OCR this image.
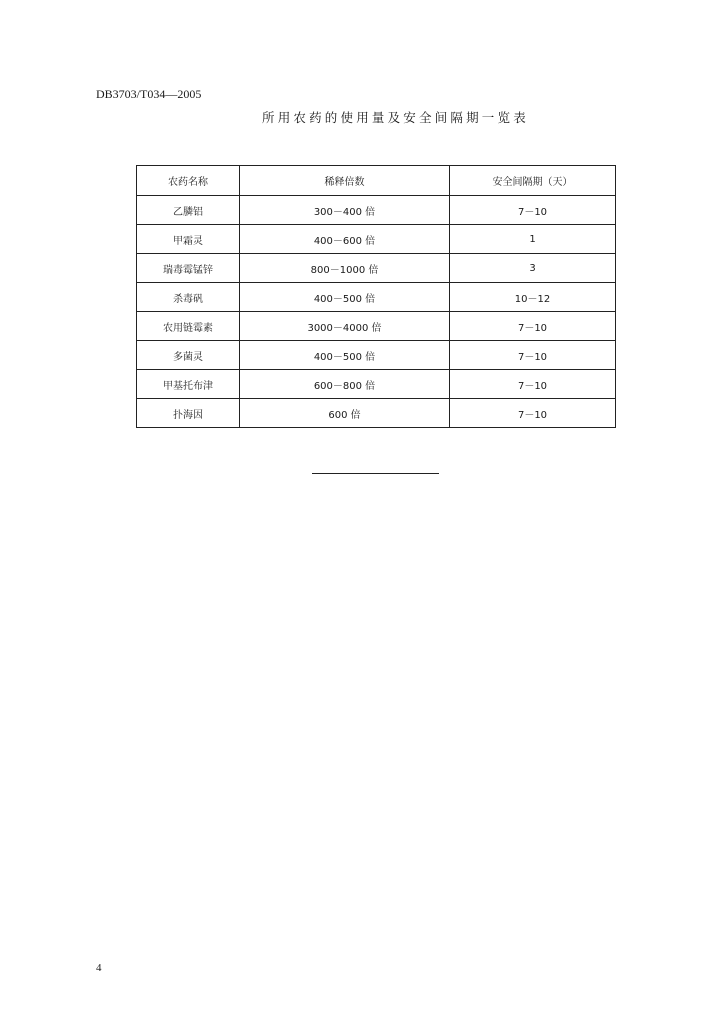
DB3703/T034—2005
所用农药的使用量及安全间隔期一览表
农药名称	稀释倍数	安全间隔期（天）
乙膦铝	300－400 倍	7－10
甲霜灵	400－600 倍	1
瑞毒霉锰锌	800－1000 倍	3
杀毒矾	400－500 倍	10－12
农用链霉素	3000－4000 倍	7－10
多菌灵	400－500 倍	7－10
甲基托布津	600－800 倍	7－10
扑海因	600 倍	7－10
4
